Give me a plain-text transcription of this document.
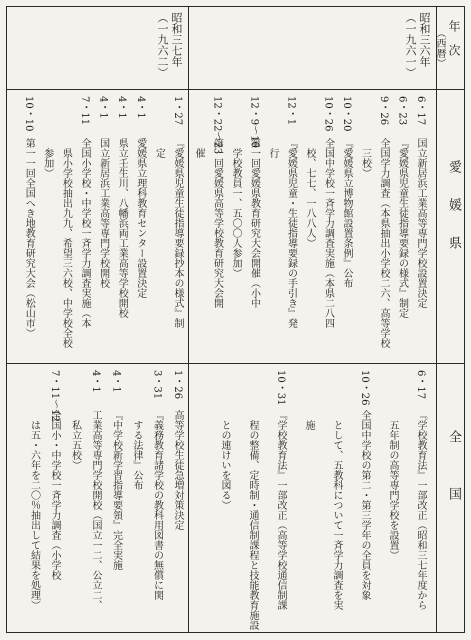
年　次
（西暦）
愛　媛　県
全　　国
昭和三六年
（一九六一）
昭和三七年
（一九六二）
6・17
国立新居浜工業高等専門学校設置決定
6・23
『愛媛県児童生徒指導要録の様式』制定
9・26
全国学力調査（本県抽出小学校二六、高等学校
　三校）
10・20
『愛媛県立博物館設置条例』公布
10・26
全国中学校一斉学力調査実施（本県二八四
　校、七七、一八八人）
12・1
『愛媛県児童・生徒指導要録の手引き』発
　行
12・9〜10
第一回愛媛県教育研究大会開催（小中
　学校教員一、五〇〇人参加）
12・22〜23
第一回愛媛県高等学校教育研究大会開
　催
1・27
『愛媛県児童生徒指導要録抄本の様式』制
　定
4・1
愛媛県立理科教育センター設置決定
4・1
県立壬生川、八幡浜両工業高等学校開校
4・1
国立新居浜工業高等専門学校開校
7・11
全国小学校・中学校一斉学力調査実施（本
　県小学校抽出九九、希望三六校、中学校全校
　参加）
10・10
第一一回全国へき地教育研究大会（松山市）
6・17
『学校教育法』一部改正（昭和三七年度から
　五年制の高等専門学校を設置）
10・26
全国中学校の第二・第三学年の全員を対象
　として、五教科について一斉学力調査を実
　施
10・31
『学校教育法』一部改正（高等学校通信制課
　程の整備、定時制・通信制課程と技能教育施設
　との連けいを図る）
1・26
高等学校生徒急増対策決定
3・31
『義務教育諸学校の教科用図書の無償に関
　する法律』公布
4・1
『中学校新学習指導要領』完全実施
4・1
工業高等専門学校開校（国立一二、公立二、
　私立五校）
7・11〜12
全国小・中学校一斉学力調査（小学校
　は五・六年を二〇％抽出して結果を処理）
